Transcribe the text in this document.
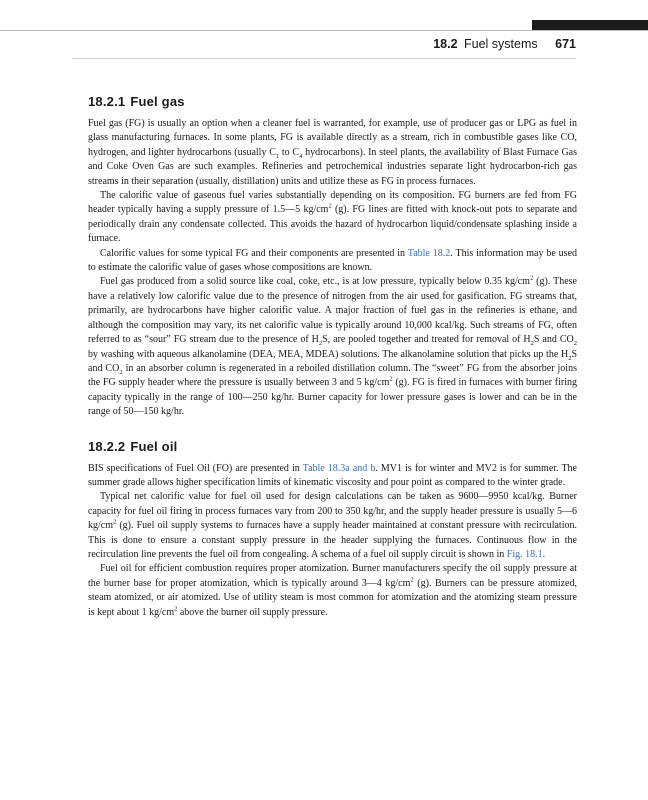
18.2 Fuel systems 671
18.2.1 Fuel gas

Fuel gas (FG) is usually an option when a cleaner fuel is warranted, for example, use of producer gas or LPG as fuel in glass manufacturing furnaces. In some plants, FG is available directly as a stream, rich in combustible gases like CO, hydrogen, and lighter hydrocarbons (usually $C_1$ to $C_4$ hydrocarbons). In steel plants, the availability of Blast Furnace Gas and Coke Oven Gas are such examples. Refineries and petrochemical industries separate light hydrocarbon-rich gas streams in their separation (usually, distillation) units and utilize these as FG in process furnaces.

The calorific value of gaseous fuel varies substantially depending on its composition. FG burners are fed from FG header typically having a supply pressure of 1.5—5 $kg/cm^2$ (g). FG lines are fitted with knock-out pots to separate and periodically drain any condensate collected. This avoids the hazard of hydrocarbon liquid/condensate splashing inside a furnace.

Calorific values for some typical FG and their components are presented in Table 18.2. This information may be used to estimate the calorific value of gases whose compositions are known.

Fuel gas produced from a solid source like coal, coke, etc., is at low pressure, typically below 0.35 $kg/cm^2$ (g). These have a relatively low calorific value due to the presence of nitrogen from the air used for gasification. FG streams that, primarily, are hydrocarbons have higher calorific value. A major fraction of fuel gas in the refineries is ethane, and although the composition may vary, its net calorific value is typically around 10,000 kcal/kg. Such streams of FG, often referred to as “sour” FG stream due to the presence of $H_2S$, are pooled together and treated for removal of $H_2S$ and $CO_2$ by washing with aqueous alkanolamine (DEA, MEA, MDEA) solutions. The alkanolamine solution that picks up the $H_2S$ and $CO_2$ in an absorber column is regenerated in a reboiled distillation column. The “sweet” FG from the absorber joins the FG supply header where the pressure is usually between 3 and 5 $kg/cm^2$ (g). FG is fired in furnaces with burner firing capacity typically in the range of 100—250 kg/hr. Burner capacity for lower pressure gases is lower and can be in the range of 50—150 kg/hr.

18.2.2 Fuel oil

BIS specifications of Fuel Oil (FO) are presented in Table 18.3a and b. MV1 is for winter and MV2 is for summer. The summer grade allows higher specification limits of kinematic viscosity and pour point as compared to the winter grade.

Typical net calorific value for fuel oil used for design calculations can be taken as 9600—9950 kcal/kg. Burner capacity for fuel oil firing in process furnaces vary from 200 to 350 kg/hr, and the supply header pressure is usually 5—6 $kg/cm^2$ (g). Fuel oil supply systems to furnaces have a supply header maintained at constant pressure with recirculation. This is done to ensure a constant supply pressure in the header supplying the furnaces. Continuous flow in the recirculation line prevents the fuel oil from congealing. A schema of a fuel oil supply circuit is shown in Fig. 18.1.

Fuel oil for efficient combustion requires proper atomization. Burner manufacturers specify the oil supply pressure at the burner base for proper atomization, which is typically around 3—4 $kg/cm^2$ (g). Burners can be pressure atomized, steam atomized, or air atomized. Use of utility steam is most common for atomization and the atomizing steam pressure is kept about 1 $kg/cm^2$ above the burner oil supply pressure.
